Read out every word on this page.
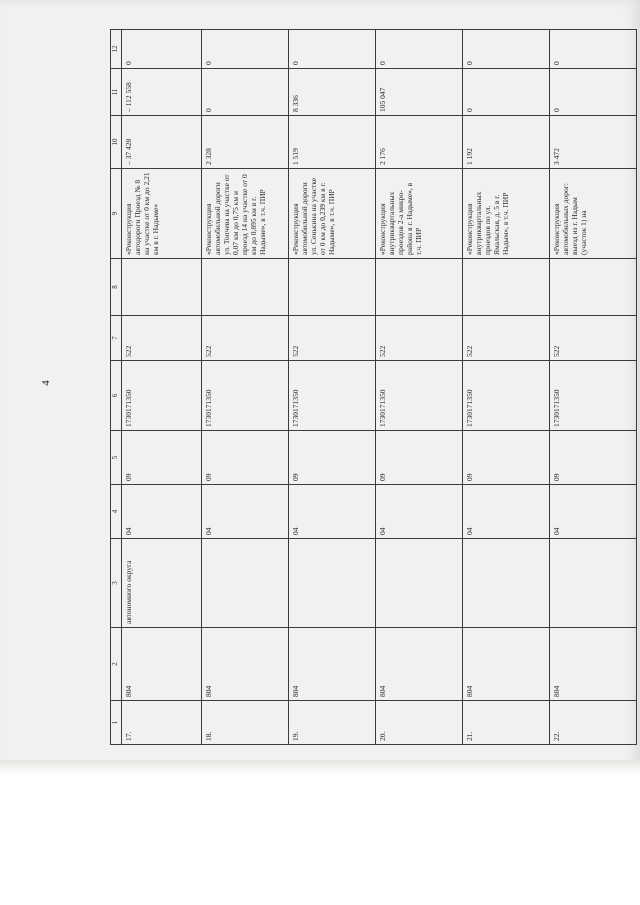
4
1	2	3	4	5	6	7	8	9	10	11	12
17.	804	автономного округа	04	09	1730171350	522		«Реконструкция автодороги Проезд № 8 на участке от 0 км до 2,21 км в г. Надыме»	– 37 428	– 112 558	0
18.	804		04	09	1730171350	522		«Реконструкция автомобильной дороги ул. Топчева на участке от 0,07 км до 0,75 км и проезд 14 на участке от 0 км до 0,895 км в г. Надыме», в т.ч. ПИР	2 328	0	0
19.	804		04	09	1730171350	522		«Реконструкция автомобильной дороги ул. Сенькина на участке от 0 км до 0,239 км в г. Надыме», в т.ч. ПИР	1 519	8 336	0
20.	804		04	09	1730171350	522		«Реконструкция внутриквартальных проездов 2-а микро-района в г. Надыме», в т.ч. ПИР	2 176	105 047	0
21.	804		04	09	1730171350	522		«Реконструкция внутриквартальных проездов по ул. Ямальская, д. 5 в г. Надым», в т.ч. ПИР	1 192	0	0
22.	804		04	09	1730171350	522		«Реконструкция автомобильных дорог: выезд из г. Надым (участок 1) на	3 472	0	0
